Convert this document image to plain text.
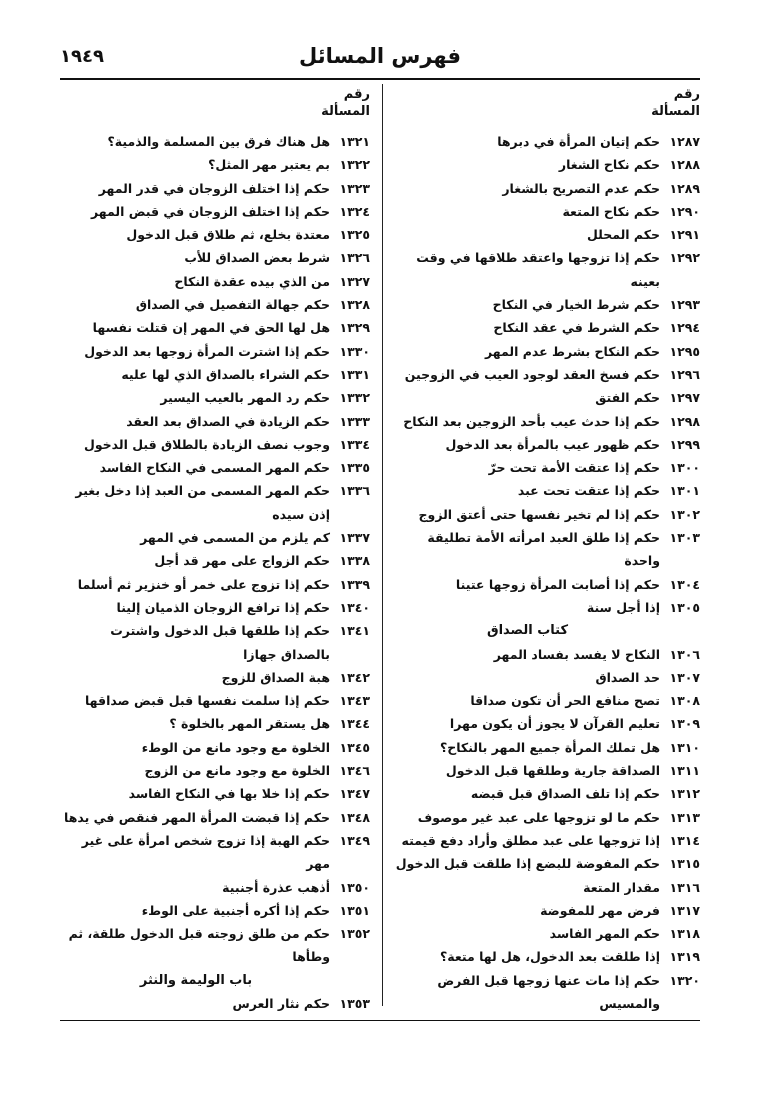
فهرس المسائل
١٩٤٩
رقم
المسألة
١٢٨٧
حكم إتيان المرأة في دبرها
١٢٨٨
حكم نكاح الشغار
١٢٨٩
حكم عدم التصريح بالشغار
١٢٩٠
حكم نكاح المتعة
١٢٩١
حكم المحلل
١٢٩٢
حكم إذا تزوجها واعتقد طلاقها في وقت بعينه
١٢٩٣
حكم شرط الخيار في النكاح
١٢٩٤
حكم الشرط في عقد النكاح
١٢٩٥
حكم النكاح بشرط عدم المهر
١٢٩٦
حكم فسخ العقد لوجود العيب في الزوجين
١٢٩٧
حكم الفتق
١٢٩٨
حكم إذا حدث عيب بأحد الزوجين بعد النكاح
١٢٩٩
حكم ظهور عيب بالمرأة بعد الدخول
١٣٠٠
حكم إذا عتقت الأمة تحت حرّ
١٣٠١
حكم إذا عتقت تحت عبد
١٣٠٢
حكم إذا لم تخير نفسها حتى أعتق الزوج
١٣٠٣
حكم إذا طلق العبد امرأته الأمة تطليقة واحدة
١٣٠٤
حكم إذا أصابت المرأة زوجها عتينا
١٣٠٥
إذا أجل سنة
كتاب الصداق
١٣٠٦
النكاح لا يفسد بفساد المهر
١٣٠٧
حد الصداق
١٣٠٨
تصح منافع الحر أن تكون صداقا
١٣٠٩
تعليم القرآن لا يجوز أن يكون مهرا
١٣١٠
هل تملك المرأة جميع المهر بالنكاح؟
١٣١١
الصداقة جارية وطلقها قبل الدخول
١٣١٢
حكم إذا تلف الصداق قبل قبضه
١٣١٣
حكم ما لو تزوجها على عبد غير موصوف
١٣١٤
إذا تزوجها على عبد مطلق وأراد دفع قيمته
١٣١٥
حكم المفوضة للبضع إذا طلقت قبل الدخول
١٣١٦
مقدار المتعة
١٣١٧
فرض مهر للمفوضة
١٣١٨
حكم المهر الفاسد
١٣١٩
إذا طلقت بعد الدخول، هل لها متعة؟
١٣٢٠
حكم إذا مات عنها زوجها قبل الفرض والمسيس
رقم
المسألة
١٣٢١
هل هناك فرق بين المسلمة والذمية؟
١٣٢٢
بم يعتبر مهر المثل؟
١٣٢٣
حكم إذا اختلف الزوجان في قدر المهر
١٣٢٤
حكم إذا اختلف الزوجان في قبض المهر
١٣٢٥
معتدة بخلع، ثم طلاق قبل الدخول
١٣٢٦
شرط بعض الصداق للأب
١٣٢٧
من الذي بيده عقدة النكاح
١٣٢٨
حكم جهالة التفصيل في الصداق
١٣٢٩
هل لها الحق في المهر إن قتلت نفسها
١٣٣٠
حكم إذا اشترت المرأة زوجها بعد الدخول
١٣٣١
حكم الشراء بالصداق الذي لها عليه
١٣٣٢
حكم رد المهر بالعيب اليسير
١٣٣٣
حكم الزيادة في الصداق بعد العقد
١٣٣٤
وجوب نصف الزيادة بالطلاق قبل الدخول
١٣٣٥
حكم المهر المسمى في النكاح الفاسد
١٣٣٦
حكم المهر المسمى من العبد إذا دخل بغير إذن سيده
١٣٣٧
كم يلزم من المسمى في المهر
١٣٣٨
حكم الزواج على مهر قد أجل
١٣٣٩
حكم إذا تزوج على خمر أو خنزير ثم أسلما
١٣٤٠
حكم إذا ترافع الزوجان الذميان إلينا
١٣٤١
حكم إذا طلقها قبل الدخول واشترت بالصداق جهازا
١٣٤٢
هبة الصداق للزوج
١٣٤٣
حكم إذا سلمت نفسها قبل قبض صداقها
١٣٤٤
هل يستقر المهر بالخلوة ؟
١٣٤٥
الخلوة مع وجود مانع من الوطء
١٣٤٦
الخلوة مع وجود مانع من الزوج
١٣٤٧
حكم إذا خلا بها في النكاح الفاسد
١٣٤٨
حكم إذا قبضت المرأة المهر فنقص في يدها
١٣٤٩
حكم الهبة إذا تزوج شخص امرأة على غير مهر
١٣٥٠
أذهب عذرة أجنبية
١٣٥١
حكم إذا أكره أجنبية على الوطء
١٣٥٢
حكم من طلق زوجته قبل الدخول طلقة، ثم وطأها
باب الوليمة والنثر
١٣٥٣
حكم نثار العرس
